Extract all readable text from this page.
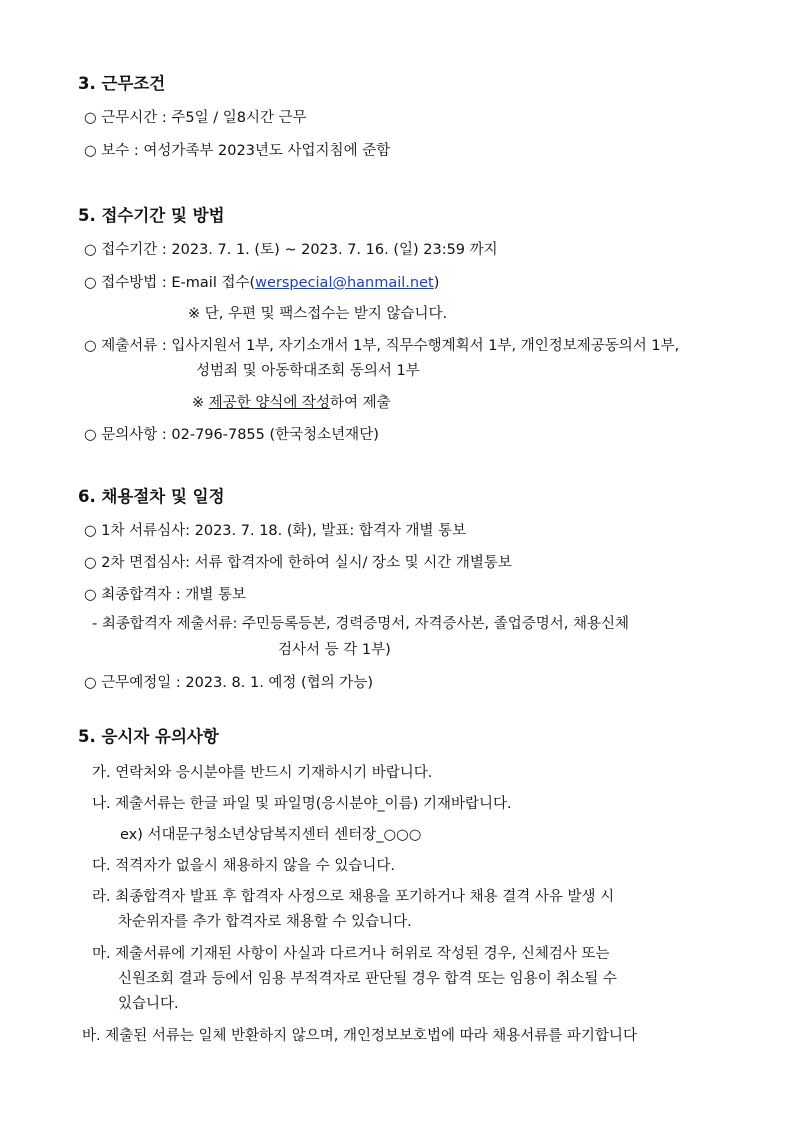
3. 근무조건
○ 근무시간 : 주5일 / 일8시간 근무
○ 보수 : 여성가족부 2023년도 사업지침에 준함
5. 접수기간 및 방법
○ 접수기간 : 2023. 7. 1. (토) ~ 2023. 7. 16. (일) 23:59 까지
○ 접수방법 : E-mail 접수(werspecial@hanmail.net)
※ 단, 우편 및 팩스접수는 받지 않습니다.
○ 제출서류 : 입사지원서 1부, 자기소개서 1부, 직무수행계획서 1부, 개인정보제공동의서 1부,
성범죄 및 아동학대조회 동의서 1부
※ 제공한 양식에 작성하여 제출
○ 문의사항 : 02-796-7855 (한국청소년재단)
6. 채용절차 및 일정
○ 1차 서류심사: 2023. 7. 18. (화), 발표: 합격자 개별 통보
○ 2차 면접심사: 서류 합격자에 한하여 실시/ 장소 및 시간 개별통보
○ 최종합격자 : 개별 통보
- 최종합격자 제출서류: 주민등록등본, 경력증명서, 자격증사본, 졸업증명서, 채용신체
검사서 등 각 1부)
○ 근무예정일 : 2023. 8. 1. 예정 (협의 가능)
5. 응시자 유의사항
가. 연락처와 응시분야를 반드시 기재하시기 바랍니다.
나. 제출서류는 한글 파일 및 파일명(응시분야_이름) 기재바랍니다.
ex) 서대문구청소년상담복지센터 센터장_○○○
다. 적격자가 없을시 채용하지 않을 수 있습니다.
라. 최종합격자 발표 후 합격자 사정으로 채용을 포기하거나 채용 결격 사유 발생 시
차순위자를 추가 합격자로 채용할 수 있습니다.
마. 제출서류에 기재된 사항이 사실과 다르거나 허위로 작성된 경우, 신체검사 또는
신원조회 결과 등에서 임용 부적격자로 판단될 경우 합격 또는 임용이 취소될 수
있습니다.
바. 제출된 서류는 일체 반환하지 않으며, 개인정보보호법에 따라 채용서류를 파기합니다
